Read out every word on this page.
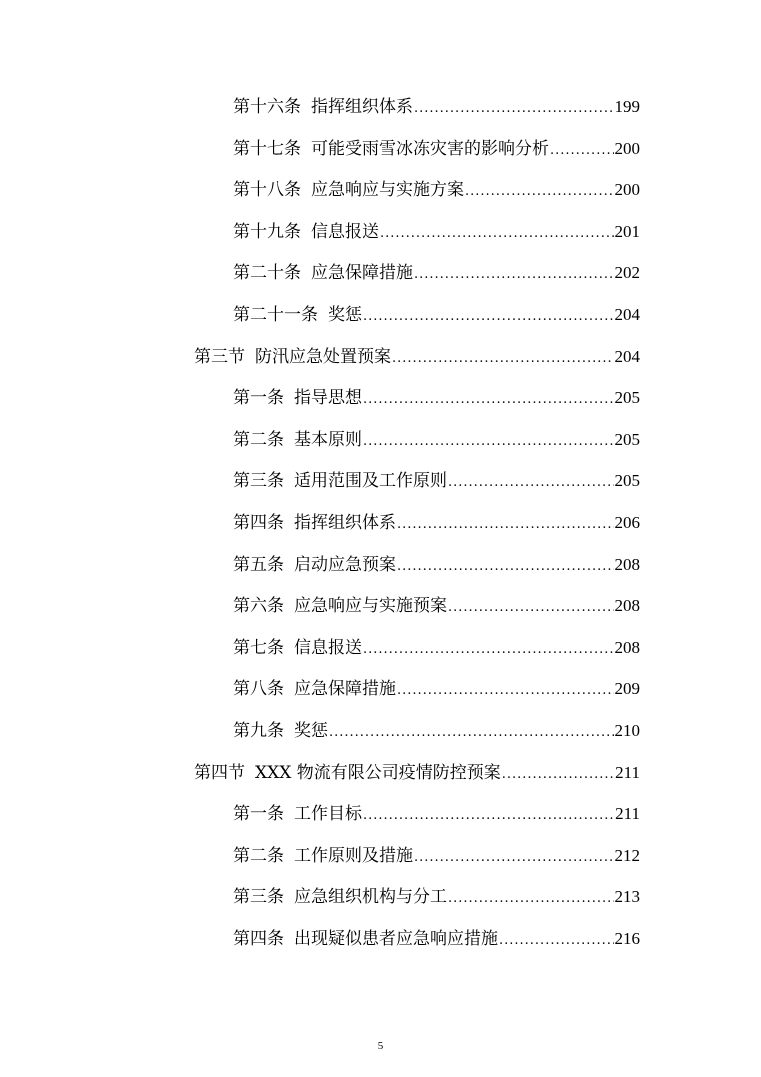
第十六条 指挥组织体系 .....	199
第十七条 可能受雨雪冰冻灾害的影响分析 .....	200
第十八条 应急响应与实施方案 .....	200
第十九条 信息报送 .....	201
第二十条 应急保障措施 .....	202
第二十一条 奖惩 .....	204
第三节 防汛应急处置预案 .....	204
第一条 指导思想 .....	205
第二条 基本原则 .....	205
第三条 适用范围及工作原则 .....	205
第四条 指挥组织体系 .....	206
第五条 启动应急预案 .....	208
第六条 应急响应与实施预案 .....	208
第七条 信息报送 .....	208
第八条 应急保障措施 .....	209
第九条 奖惩 .....	210
第四节 XXX 物流有限公司疫情防控预案 .....	211
第一条 工作目标 .....	211
第二条 工作原则及措施 .....	212
第三条 应急组织机构与分工 .....	213
第四条 出现疑似患者应急响应措施 .....	216
5
